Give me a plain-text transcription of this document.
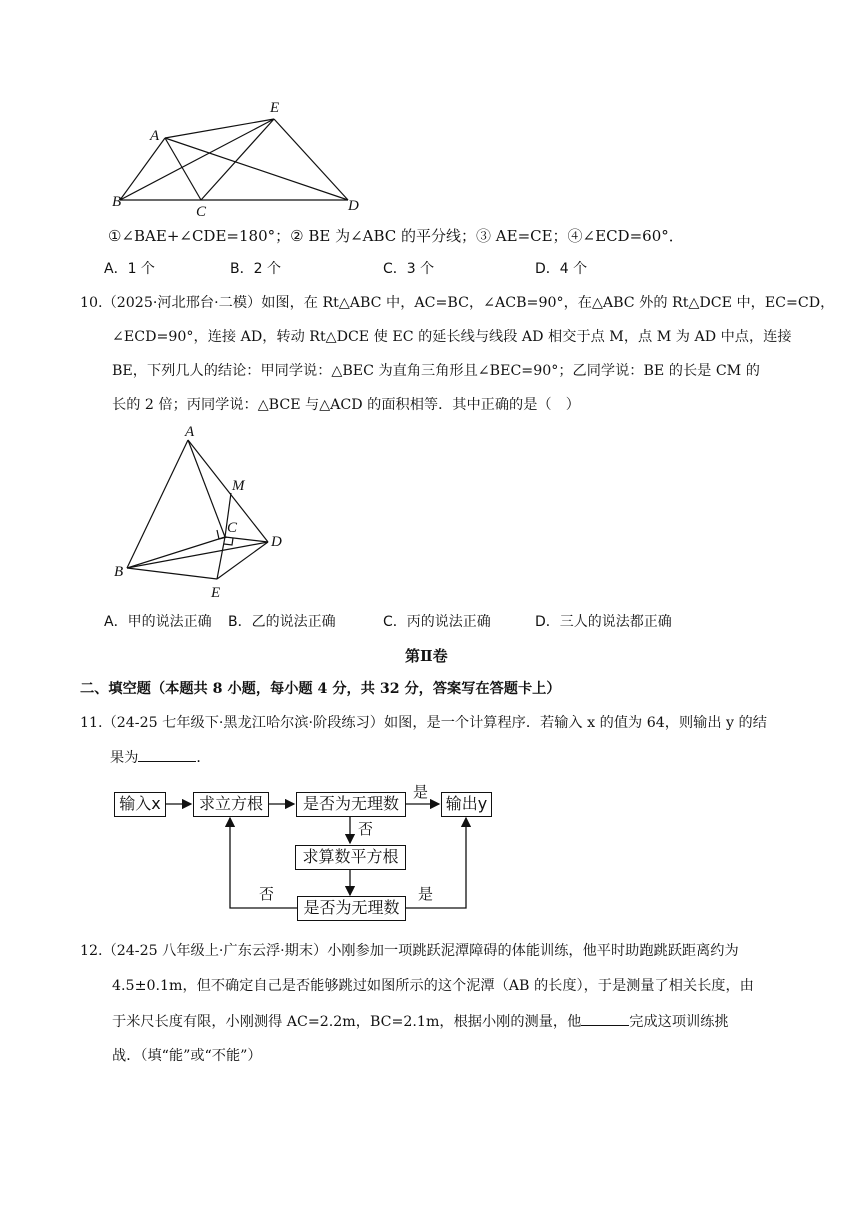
A
E
B
C	D
①∠BAE+∠CDE=180°；② BE 为∠ABC 的平分线；③ AE=CE；④∠ECD=60°．
A．1 个	B．2 个	C．3 个	D．4 个
10.（2025·河北邢台·二模）如图，在 Rt△ABC 中，AC=BC，∠ACB=90°，在△ABC 外的 Rt△DCE 中，EC=CD，
∠ECD=90°，连接 AD，转动 Rt△DCE 使 EC 的延长线与线段 AD 相交于点 M，点 M 为 AD 中点，连接
BE，下列几人的结论：甲同学说：△BEC 为直角三角形且∠BEC=90°；乙同学说：BE 的长是 CM 的
长的 2 倍；丙同学说：△BCE 与△ACD 的面积相等．其中正确的是（　）
A
M
C
D
B
E
A．甲的说法正确 B．乙的说法正确	C．丙的说法正确	D．三人的说法都正确
第Ⅱ卷
二、填空题（本题共 8 小题，每小题 4 分，共 32 分，答案写在答题卡上）
11.（24-25 七年级下·黑龙江哈尔滨·阶段练习）如图，是一个计算程序．若输入 x 的值为 64，则输出 y 的结
果为	．
输入x	求立方根	是否为无理数	输出y
求算数平方根
是否为无理数
是
否
否	是
12.（24-25 八年级上·广东云浮·期末）小刚参加一项跳跃泥潭障碍的体能训练，他平时助跑跳跃距离约为
4.5±0.1m，但不确定自己是否能够跳过如图所示的这个泥潭（AB 的长度），于是测量了相关长度，由
于米尺长度有限，小刚测得 AC=2.2m，BC=2.1m，根据小刚的测量，他	完成这项训练挑
战．（填“能”或“不能”）
